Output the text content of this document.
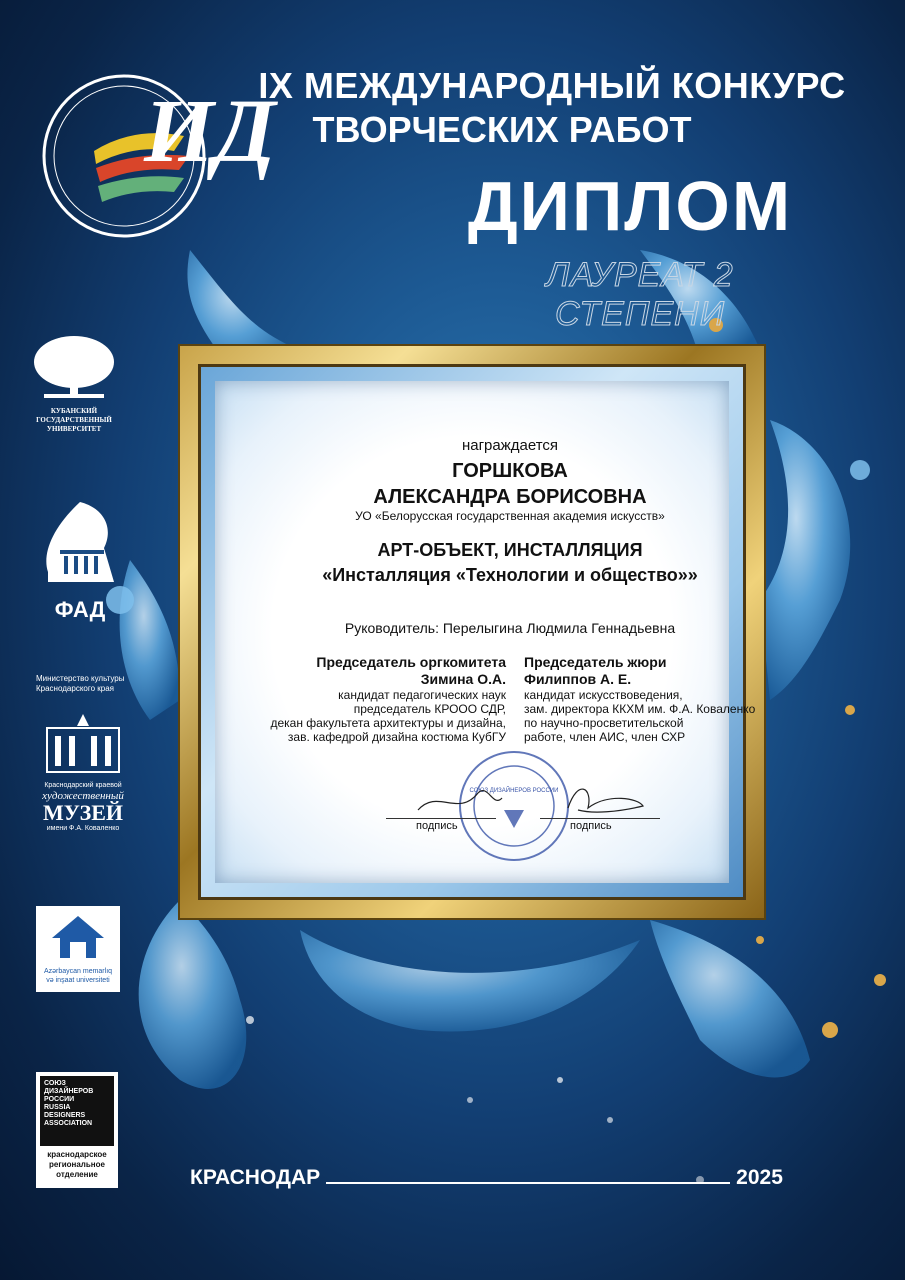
ИД
IX МЕЖДУНАРОДНЫЙ КОНКУРС
ТВОРЧЕСКИХ РАБОТ
ДИПЛОМ
ЛАУРЕАТ 2 СТЕПЕНИ
КУБАНСКИЙ ГОСУДАРСТВЕННЫЙ УНИВЕРСИТЕТ
ФАД
Министерство культуры Краснодарского края
Краснодарский краевой
художественный
МУЗЕЙ
имени Ф.А. Коваленко
Azərbaycan memarlıq
və inşaat universiteti
СОЮЗ
ДИЗАЙНЕРОВ
РОССИИ
RUSSIA
DESIGNERS
ASSOCIATION
краснодарское
региональное
отделение
награждается
ГОРШКОВА
АЛЕКСАНДРА БОРИСОВНА
УО «Белорусская государственная академия искусств»
АРТ-ОБЪЕКТ, ИНСТАЛЛЯЦИЯ
«Инсталляция «Технологии и общество»»
Руководитель: Перелыгина Людмила Геннадьевна
Председатель оргкомитета
Зимина О.А.
кандидат педагогических наук
председатель КРООО СДР,
декан факультета архитектуры и дизайна,
зав. кафедрой дизайна костюма КубГУ
Председатель жюри
Филиппов А. Е.
кандидат искусствоведения,
зам. директора ККХМ им. Ф.А. Коваленко
по научно-просветительской
работе, член АИС, член СХР
СОЮЗ ДИЗАЙНЕРОВ РОССИИ
подпись	подпись
КРАСНОДАР	2025
